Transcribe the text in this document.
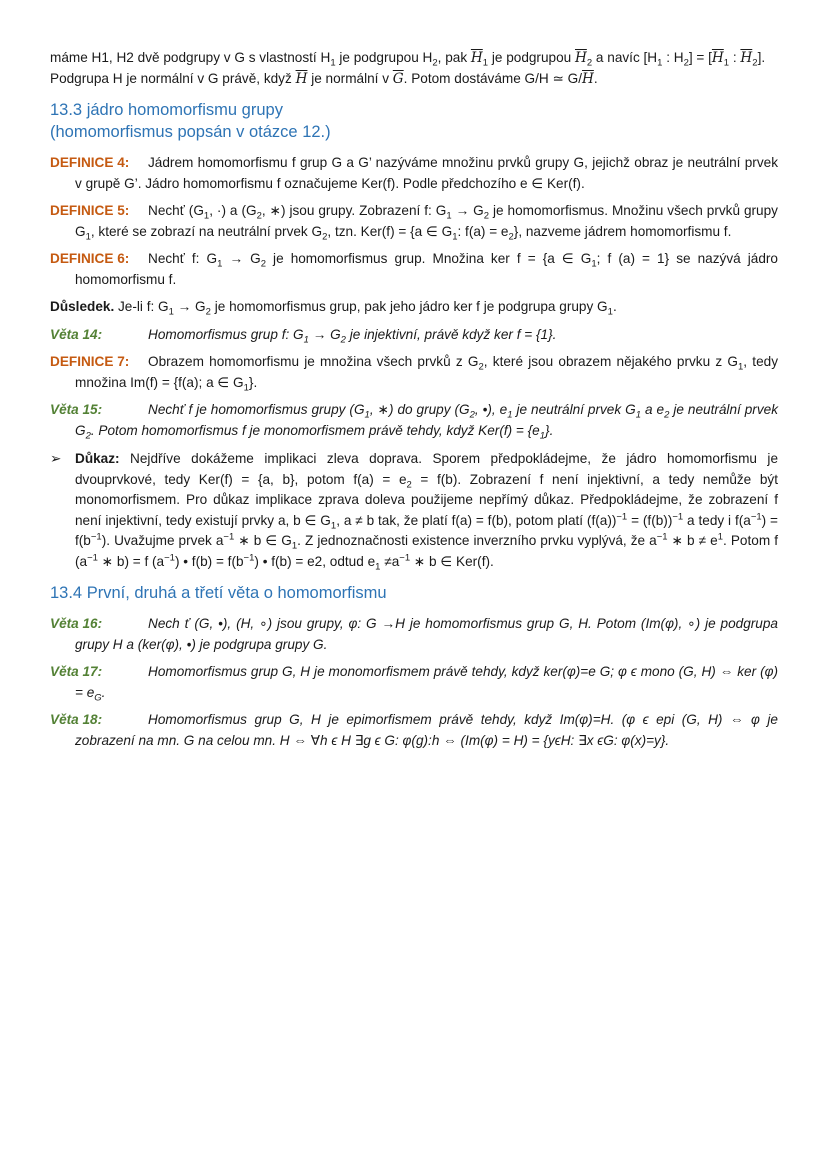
máme H1, H2 dvě podgrupy v G s vlastností $H_1$ je podgrupou $H_2$, pak $\overline{H}_1$ je podgrupou $\overline{H}_2$ a navíc [$H_1$ : $H_2] = [\overline{H}_1$ : $\overline{H}_2$].
Podgrupa H je normální v G právě, když $\overline{H}$ je normální v $\overline{G}$. Potom dostáváme G/H ≃ $G/\overline{H}$.

13.3 jádro homomorfismu grupy

(homomorfismus popsán v otázce 12.)

DEFINICE 4: Jádrem homomorfismu f grup G a G’ nazýváme množinu prvků grupy G, jejichž obraz je neutrální prvek v grupě G’. Jádro homomorfismu f označujeme Ker(f). Podle předchozího e ∈ Ker(f).

DEFINICE 5: Nechť ($G_1$, ·) a ($G_2$, ∗) jsou grupy. Zobrazení f: $G_1 \to G_2$ je homomorfismus. Množinu všech prvků grupy $G_1$, které se zobrazí na neutrální prvek $G_2$, tzn. Ker(f) = {a ∈ $G_1$: $f(a) = e_2$}, nazveme jádrem homomorfismu f.

DEFINICE 6: Nechť f: $G_1 \to G_2$ je homomorfismus grup. Množina ker f = {a ∈ $G_1$; f (a) = 1} se nazývá jádro homomorfismu f.

Důsledek. Je-li f: $G_1 \to G_2$ je homomorfismus grup, pak jeho jádro ker f je podgrupa grupy $G_1$.

Věta 14:	Homomorfismus grup f: $G_1 \to G_2$ je injektivní, právě když ker f = {1}.

DEFINICE 7: Obrazem homomorfismu je množina všech prvků z $G_2$, které jsou obrazem nějakého prvku z $G_1$, tedy množina Im(f) = {f(a); a ∈ $G_1$}.

Věta 15:	Nechť f je homomorfismus grupy ($G_1$, ∗) do grupy ($G_2$, •), $e_1$ je neutrální prvek $G_1$ a $e_2$ je neutrální prvek $G_2$. Potom homomorfismus f je monomorfismem právě tehdy, když $Ker(f) = \{e_1\}$.

➢	Důkaz: Nejdříve dokážeme implikaci zleva doprava. Sporem předpokládejme, že jádro homomorfismu je dvouprvkové, tedy Ker(f) = {a, b}, potom $f(a) = e_2 = f(b)$. Zobrazení f není injektivní, a tedy nemůže být monomorfismem. Pro důkaz implikace zprava doleva použijeme nepřímý důkaz. Předpokládejme, že zobrazení f není injektivní, tedy existují prvky a, b ∈ $G_1$, a ≠ b tak, že platí f(a) = f(b), potom platí $(f(a))^{-1} = (f(b))^{-1}$ a tedy i $f(a^{-1}) = f(b^{-1})$. Uvažujme prvek $a^{-1}$ ∗ b ∈ $G_1$. Z jednoznačnosti existence inverzního prvku vyplývá, že $a^{-1}$ ∗ $b \ne e^1$. Potom f ($a^{-1}$ ∗ b) = f $(a^{-1})$ • $f(b) = f(b^{-1})$ • f(b) = e2, odtud $e_1 \ne a^{-1}$ ∗ b ∈ Ker(f).

13.4 První, druhá a třetí věta o homomorfismu

Věta 16:	Nech ť (G, •), (H, ∘) jsou grupy, φ: G →H je homomorfismus grup G, H. Potom (Im(φ), ∘) je podgrupa grupy H a (ker(φ), •) je podgrupa grupy G.

Věta 17:	Homomorfismus grup G, H je monomorfismem právě tehdy, když ker(φ)=e G; φ ϵ mono (G, H) ⇔ ker $(\varphi) = e_G$.

Věta 18:	Homomorfismus grup G, H je epimorfismem právě tehdy, když Im(φ)=H. (φ ϵ epi (G, H) ⇔ φ je zobrazení na mn. G na celou mn. H ⇔ ∀h ϵ H ∃g ϵ G: φ(g):h ⇔ (Im(φ) = H) = {yϵH: ∃x ϵG: φ(x)=y}.
